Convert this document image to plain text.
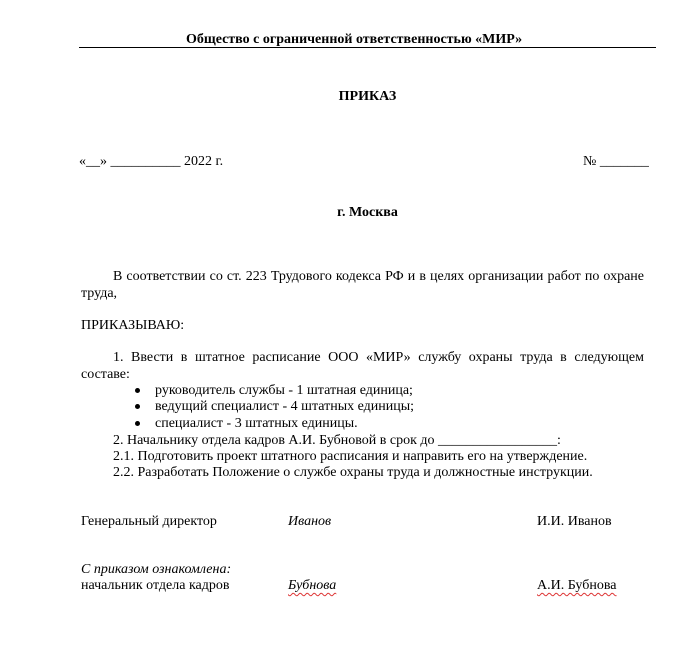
Общество с ограниченной ответственностью «МИР»
ПРИКАЗ
«__» __________ 2022 г.	№ _______
г. Москва
В соответствии со ст. 223 Трудового кодекса РФ и в целях организации работ по охране
труда,
ПРИКАЗЫВАЮ:
1. Ввести в штатное расписание ООО «МИР» службу охраны труда в следующем
составе:
руководитель службы - 1 штатная единица;
ведущий специалист - 4 штатных единицы;
специалист - 3 штатных единицы.
2. Начальнику отдела кадров А.И. Бубновой в срок до _________________:
2.1. Подготовить проект штатного расписания и направить его на утверждение.
2.2. Разработать Положение о службе охраны труда и должностные инструкции.
Генеральный директор	Иванов	И.И. Иванов
С приказом ознакомлена:
начальник отдела кадров	Бубнова	А.И. Бубнова
